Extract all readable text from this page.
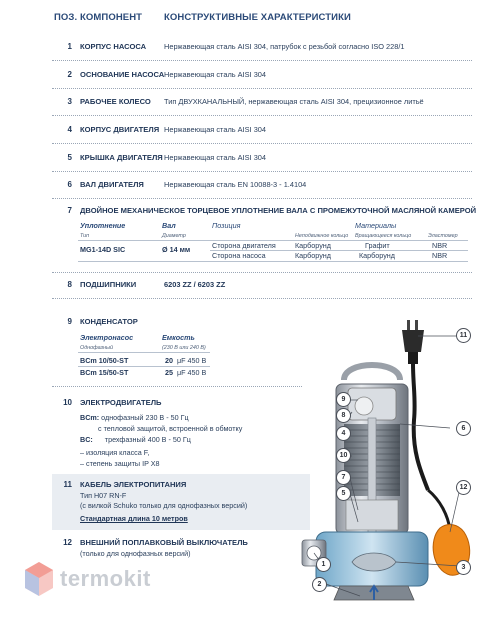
ПОЗ. КОМПОНЕНТ КОНСТРУКТИВНЫЕ ХАРАКТЕРИСТИКИ
1 КОРПУС НАСОСА Нержавеющая сталь AISI 304, патрубок с резьбой согласно ISO 228/1
2 ОСНОВАНИЕ НАСОСА Нержавеющая сталь AISI 304
3 РАБОЧЕЕ КОЛЕСО Тип ДВУХКАНАЛЬНЫЙ, нержавеющая сталь AISI 304, прецизионное литьё
4 КОРПУС ДВИГАТЕЛЯ Нержавеющая сталь AISI 304
5 КРЫШКА ДВИГАТЕЛЯ Нержавеющая сталь AISI 304
6 ВАЛ ДВИГАТЕЛЯ	Нержавеющая сталь EN 10088-3 - 1.4104
7 ДВОЙНОЕ МЕХАНИЧЕСКОЕ ТОРЦЕВОЕ УПЛОТНЕНИЕ ВАЛА С ПРОМЕЖУТОЧНОЙ МАСЛЯНОЙ КАМЕРОЙ
Уплотнение	Вал	Позиция	Материалы
Тип	Диаметр	Неподвижное кольцо Вращающееся кольцо	Эластомер
MG1-14D SIC	Ø 14 мм	Сторона двигателя	Карборунд	Графит	NBR
Сторона насоса	Карборунд	Карборунд	NBR
8 ПОДШИПНИКИ	6203 ZZ / 6203 ZZ
9 КОНДЕНСАТОР
Электронасос	Емкость
Однофазный	(230 В или 240 В)
BCm 10/50-ST	20 μF 450 В
BCm 15/50-ST	25 μF 450 В
10 ЭЛЕКТРОДВИГАТЕЛЬ
BCm: однофазный 230 В - 50 Гц
с тепловой защитой, встроенной в обмотку
BC: трехфазный 400 В - 50 Гц
– изоляция класса F,
– степень защиты IP X8
11 КАБЕЛЬ ЭЛЕКТРОПИТАНИЯ
Тип H07 RN-F
(с вилкой Schuko только для однофазных версий)
Стандартная длина 10 метров
12 ВНЕШНИЙ ПОПЛАВКОВЫЙ ВЫКЛЮЧАТЕЛЬ
(только для однофазных версий)
termokit
11
9
8
4
10
6
7
5
12
1	3
2
